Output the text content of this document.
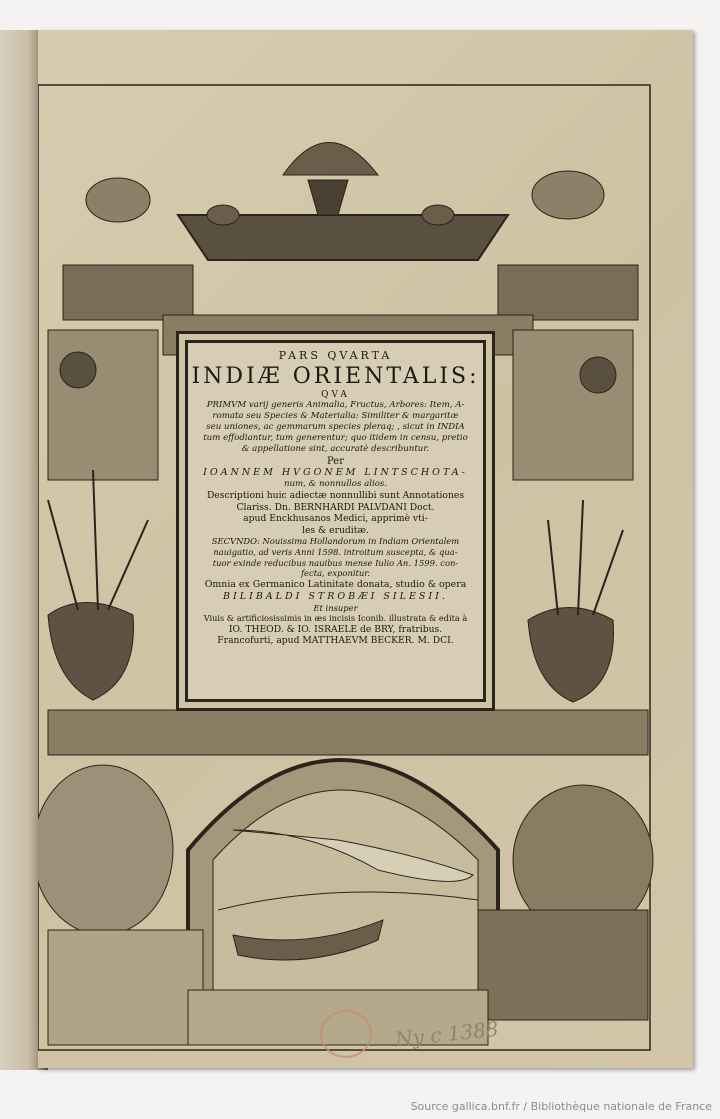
PARS QVARTA
INDIÆ ORIENTALIS:
QVA
PRIMVM varij generis Animalia, Fructus, Arbores: Item, A-
romata seu Species & Materialia: Similiter & margaritæ
seu uniones, ac gemmarum species pleraq; , sicut in INDIA
tum effodiantur, tum generentur; quo itidem in censu, pretio
& appellatione sint, accuratè describuntur.
Per
IOANNEM HVGONEM LINTSCHOTA-
num, & nonnullos alios.
Descriptioni huic adiectæ nonnullibi sunt Annotationes
Clariss. Dn. BERNHARDI PALVDANI Doct.
apud Enckhusanos Medici, apprimè vti-
les & eruditæ.
SECVNDO: Nouissima Hollandorum in Indiam Orientalem
nauigatio, ad veris Anni 1598. introitum suscepta, & qua-
tuor exinde reducibus nauibus mense Iulio An. 1599. con-
fecta, exponitur.
Omnia ex Germanico Latinitate donata, studio & opera
BILIBALDI STROBÆI SILESII.
Et insuper
Viuis & artificiosissimis in æs incisis Iconib. illustrata & edita à
IO. THEOD. & IO. ISRAELE de BRY, fratribus.
Francofurti, apud MATTHAEVM BECKER. M. DCI.
Ny c 1388
Source gallica.bnf.fr / Bibliothèque nationale de France
